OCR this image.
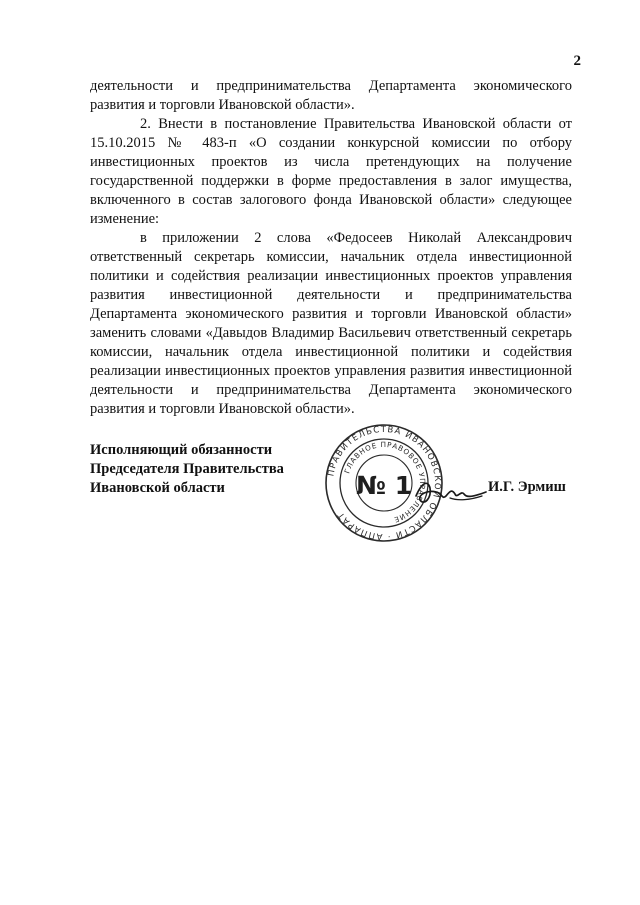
2

деятельности и предпринимательства Департамента экономического развития и торговли Ивановской области».

2. Внести в постановление Правительства Ивановской области от 15.10.2015 № 483-п «О создании конкурсной комиссии по отбору инвестиционных проектов из числа претендующих на получение государственной поддержки в форме предоставления в залог имущества, включенного в состав залогового фонда Ивановской области» следующее изменение:

в приложении 2 слова «Федосеев Николай Александрович ответственный секретарь комиссии, начальник отдела инвестиционной политики и содействия реализации инвестиционных проектов управления развития инвестиционной деятельности и предпринимательства Департамента экономического развития и торговли Ивановской области» заменить словами «Давыдов Владимир Васильевич ответственный секретарь комиссии, начальник отдела инвестиционной политики и содействия реализации инвестиционных проектов управления развития инвестиционной деятельности и предпринимательства Департамента экономического развития и торговли Ивановской области».

Исполняющий обязанности
Председателя Правительства
Ивановской области
ПРАВИТЕЛЬСТВА ИВАНОВСКОЙ ОБЛАСТИ · АППАРАТ
ГЛАВНОЕ ПРАВОВОЕ УПРАВЛЕНИЕ
№ 1	И.Г. Эрмиш
